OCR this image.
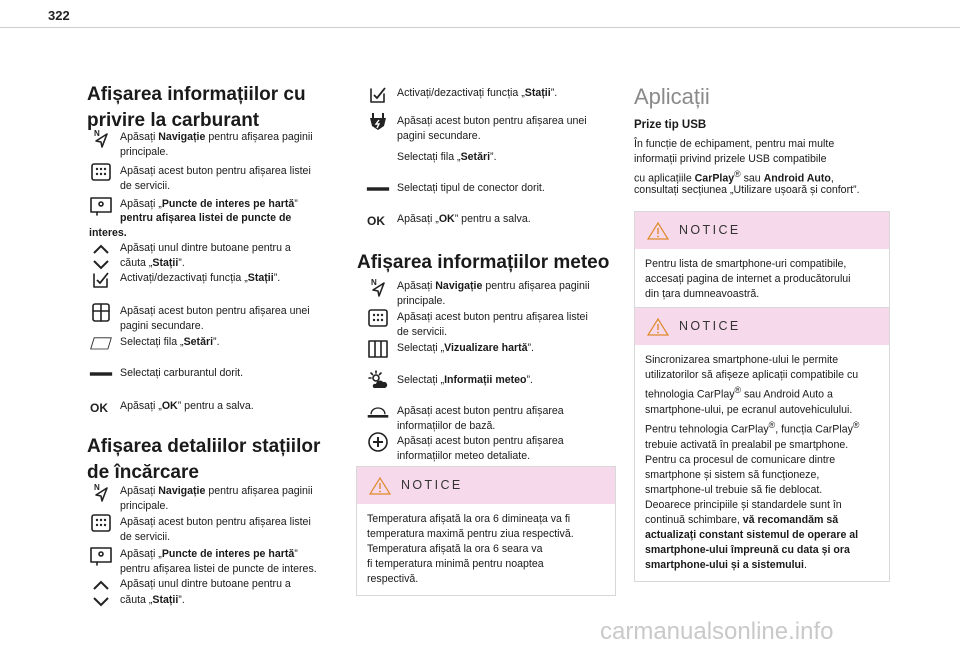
322
Afișarea informațiilor cu
privire la carburant
N Apăsați Navigație pentru afișarea paginii
principale.
Apăsați acest buton pentru afișarea listei
de servicii.
Apăsați „Puncte de interes pe hartă”
pentru afișarea listei de puncte de
interes.
Apăsați unul dintre butoane pentru a
căuta „Stații”.
Activați/dezactivați funcția „Stații”.
Apăsați acest buton pentru afișarea unei
pagini secundare.
Selectați fila „Setări”.
Selectați carburantul dorit.
OK Apăsați „OK” pentru a salva.
Afișarea detaliilor stațiilor
de încărcare
N Apăsați Navigație pentru afișarea paginii
principale.
Apăsați acest buton pentru afișarea listei
de servicii.
Apăsați „Puncte de interes pe hartă”
pentru afișarea listei de puncte de interes.
Apăsați unul dintre butoane pentru a
căuta „Stații”.
Activați/dezactivați funcția „Stații”.
Apăsați acest buton pentru afișarea unei
pagini secundare.
Selectați fila „Setări”.
Selectați tipul de conector dorit.
OK Apăsați „OK” pentru a salva.
Afișarea informațiilor meteo
N Apăsați Navigație pentru afișarea paginii
principale.
Apăsați acest buton pentru afișarea listei
de servicii.
Selectați „Vizualizare hartă”.
Selectați „Informații meteo”.
Apăsați acest buton pentru afișarea
informațiilor de bază.
Apăsați acest buton pentru afișarea
informațiilor meteo detaliate.
NOTICE
Temperatura afișată la ora 6 dimineața va fi
temperatura maximă pentru ziua respectivă.
Temperatura afișată la ora 6 seara va
fi temperatura minimă pentru noaptea
respectivă.
Aplicații
Prize tip USB
În funcție de echipament, pentru mai multe
informații privind prizele USB compatibile
cu aplicațiile CarPlay® sau Android Auto,
consultați secțiunea „Utilizare ușoară și confort”.
NOTICE
Pentru lista de smartphone-uri compatibile,
accesați pagina de internet a producătorului
din țara dumneavoastră.
NOTICE
Sincronizarea smartphone-ului le permite
utilizatorilor să afișeze aplicații compatibile cu
tehnologia CarPlay® sau Android Auto a
smartphone-ului, pe ecranul autovehiculului.
Pentru tehnologia CarPlay®, funcția CarPlay®
trebuie activată în prealabil pe smartphone.
Pentru ca procesul de comunicare dintre
smartphone și sistem să funcționeze,
smartphone-ul trebuie să fie deblocat.
Deoarece principiile și standardele sunt în
continuă schimbare, vă recomandăm să
actualizați constant sistemul de operare al
smartphone-ului împreună cu data și ora
smartphone-ului și a sistemului.
carmanualsonline.info
